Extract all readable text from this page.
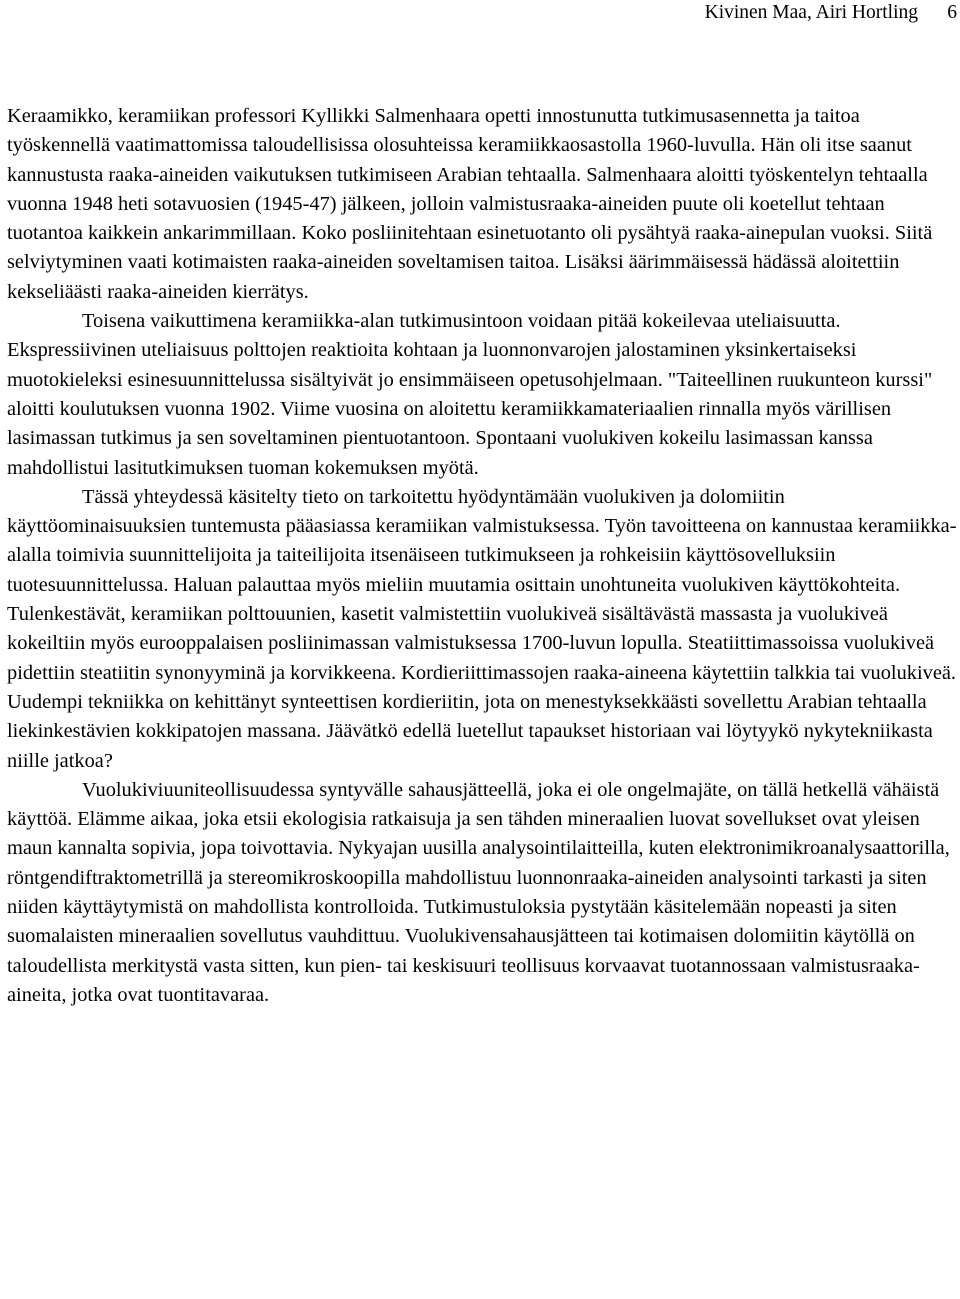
Kivinen Maa, Airi Hortling 6

Keraamikko, keramiikan professori Kyllikki Salmenhaara opetti innostunutta tutkimusasennetta ja taitoa työskennellä vaatimattomissa taloudellisissa olosuhteissa keramiikkaosastolla 1960-luvulla. Hän oli itse saanut kannustusta raaka-aineiden vaikutuksen tutkimiseen Arabian tehtaalla. Salmenhaara aloitti työskentelyn tehtaalla vuonna 1948 heti sotavuosien (1945-47) jälkeen, jolloin valmistusraaka-aineiden puute oli koetellut tehtaan tuotantoa kaikkein ankarimmillaan. Koko posliinitehtaan esinetuotanto oli pysähtyä raaka-ainepulan vuoksi. Siitä selviytyminen vaati kotimaisten raaka-aineiden soveltamisen taitoa. Lisäksi äärimmäisessä hädässä aloitettiin kekseliäästi raaka-aineiden kierrätys.

Toisena vaikuttimena keramiikka-alan tutkimusintoon voidaan pitää kokeilevaa uteliaisuutta. Ekspressiivinen uteliaisuus polttojen reaktioita kohtaan ja luonnonvarojen jalostaminen yksinkertaiseksi muotokieleksi esinesuunnittelussa sisältyivät jo ensimmäiseen opetusohjelmaan. "Taiteellinen ruukunteon kurssi" aloitti koulutuksen vuonna 1902. Viime vuosina on aloitettu keramiikkamateriaalien rinnalla myös värillisen lasimassan tutkimus ja sen soveltaminen pientuotantoon. Spontaani vuolukiven kokeilu lasimassan kanssa mahdollistui lasitutkimuksen tuoman kokemuksen myötä.

Tässä yhteydessä käsitelty tieto on tarkoitettu hyödyntämään vuolukiven ja dolomiitin käyttöominaisuuksien tuntemusta pääasiassa keramiikan valmistuksessa. Työn tavoitteena on kannustaa keramiikka-alalla toimivia suunnittelijoita ja taiteilijoita itsenäiseen tutkimukseen ja rohkeisiin käyttösovelluksiin tuotesuunnittelussa. Haluan palauttaa myös mieliin muutamia osittain unohtuneita vuolukiven käyttökohteita. Tulenkestävät, keramiikan polttouunien, kasetit valmistettiin vuolukiveä sisältävästä massasta ja vuolukiveä kokeiltiin myös eurooppalaisen posliinimassan valmistuksessa 1700-luvun lopulla. Steatiittimassoissa vuolukiveä pidettiin steatiitin synonyyminä ja korvikkeena. Kordieriittimassojen raaka-aineena käytettiin talkkia tai vuolukiveä. Uudempi tekniikka on kehittänyt synteettisen kordieriitin, jota on menestyksekkäästi sovellettu Arabian tehtaalla liekinkestävien kokkipatojen massana. Jäävätkö edellä luetellut tapaukset historiaan vai löytyykö nykytekniikasta niille jatkoa?

Vuolukiviuuniteollisuudessa syntyvälle sahausjätteellä, joka ei ole ongelmajäte, on tällä hetkellä vähäistä käyttöä. Elämme aikaa, joka etsii ekologisia ratkaisuja ja sen tähden mineraalien luovat sovellukset ovat yleisen maun kannalta sopivia, jopa toivottavia. Nykyajan uusilla analysointilaitteilla, kuten elektronimikroanalysaattorilla, röntgendiftraktometrillä ja stereomikroskoopilla mahdollistuu luonnonraaka-aineiden analysointi tarkasti ja siten niiden käyttäytymistä on mahdollista kontrolloida. Tutkimustuloksia pystytään käsitelemään nopeasti ja siten suomalaisten mineraalien sovellutus vauhdittuu. Vuolukivensahausjätteen tai kotimaisen dolomiitin käytöllä on taloudellista merkitystä vasta sitten, kun pien- tai keskisuuri teollisuus korvaavat tuotannossaan valmistusraaka-aineita, jotka ovat tuontitavaraa.
